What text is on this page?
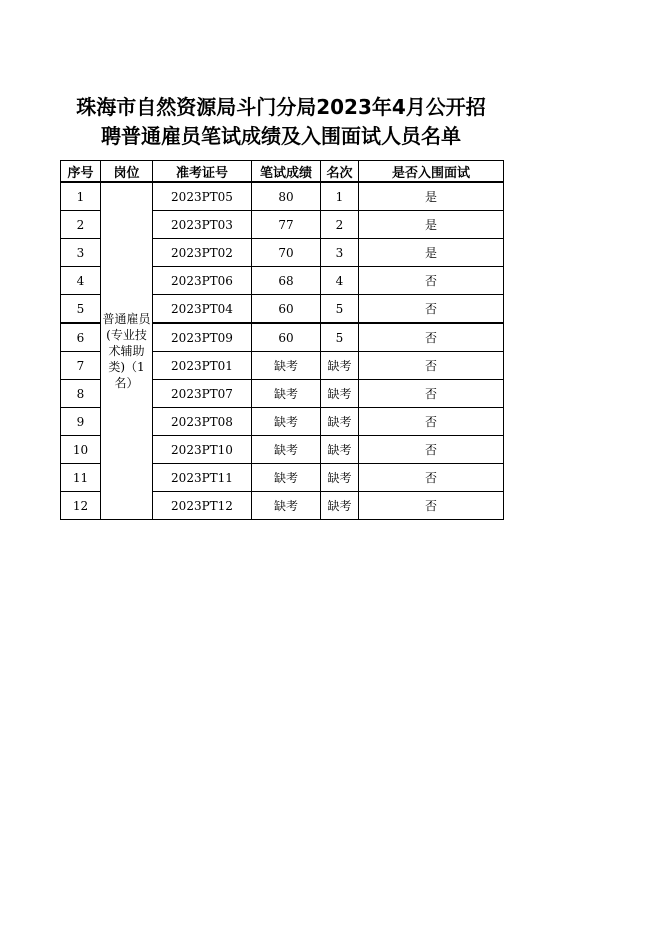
珠海市自然资源局斗门分局2023年4月公开招
聘普通雇员笔试成绩及入围面试人员名单
序号	岗位	准考证号	笔试成绩	名次	是否入围面试
1	普通雇员(专业技术辅助类)（1名）	2023PT05	80	1	是
2		2023PT03	77	2	是
3		2023PT02	70	3	是
4		2023PT06	68	4	否
5		2023PT04	60	5	否
6		2023PT09	60	5	否
7		2023PT01	缺考	缺考	否
8		2023PT07	缺考	缺考	否
9		2023PT08	缺考	缺考	否
10		2023PT10	缺考	缺考	否
11		2023PT11	缺考	缺考	否
12		2023PT12	缺考	缺考	否
